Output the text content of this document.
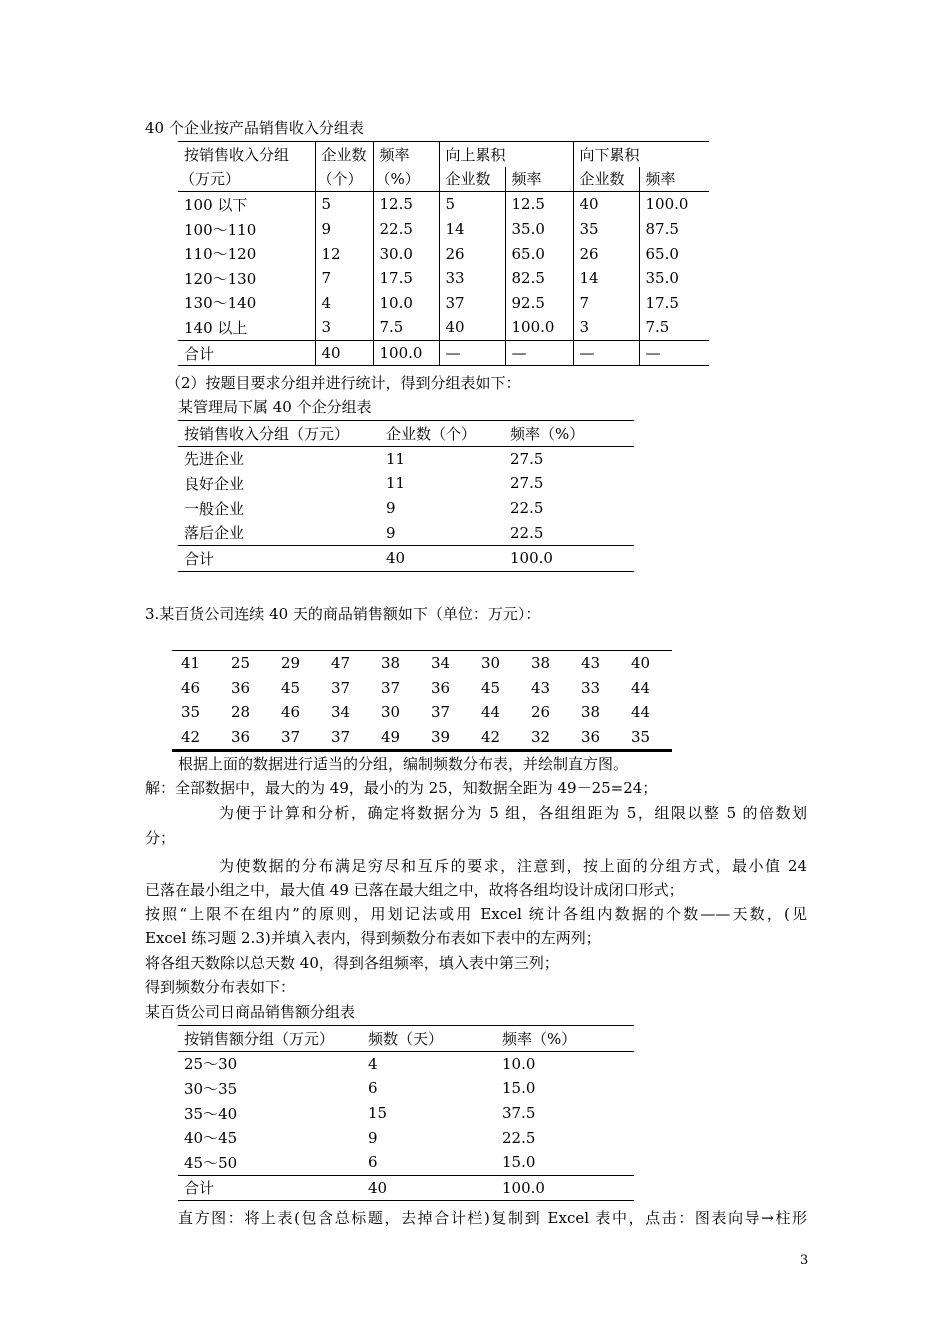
40 个企业按产品销售收入分组表
按销售收入分组	企业数	频率	向上累积		向下累积	
（万元）	（个）	（%）	企业数	频率	企业数	频率
100 以下	5	12.5	5	12.5	40	100.0
100～110	9	22.5	14	35.0	35	87.5
110～120	12	30.0	26	65.0	26	65.0
120～130	7	17.5	33	82.5	14	35.0
130～140	4	10.0	37	92.5	7	17.5
140 以上	3	7.5	40	100.0	3	7.5
合计	40	100.0	—	—	—	—
（2）按题目要求分组并进行统计，得到分组表如下：
某管理局下属 40 个企分组表
按销售收入分组（万元）	企业数（个）	频率（%）
先进企业	11	27.5
良好企业	11	27.5
一般企业	9	22.5
落后企业	9	22.5
合计	40	100.0
3.某百货公司连续 40 天的商品销售额如下（单位：万元）：
41	25	29	47	38	34	30	38	43	40
46	36	45	37	37	36	45	43	33	44
35	28	46	34	30	37	44	26	38	44
42	36	37	37	49	39	42	32	36	35
根据上面的数据进行适当的分组，编制频数分布表，并绘制直方图。
解：全部数据中，最大的为 49，最小的为 25，知数据全距为 49－25=24；
为便于计算和分析，确定将数据分为 5 组，各组组距为 5，组限以整 5 的倍数划
分；
为使数据的分布满足穷尽和互斥的要求，注意到，按上面的分组方式，最小值 24
已落在最小组之中，最大值 49 已落在最大组之中，故将各组均设计成闭口形式；
按照“上限不在组内”的原则，用划记法或用 Excel 统计各组内数据的个数——天数，(见
Excel 练习题 2.3)并填入表内，得到频数分布表如下表中的左两列；
将各组天数除以总天数 40，得到各组频率，填入表中第三列；
得到频数分布表如下：
某百货公司日商品销售额分组表
按销售额分组（万元）	频数（天）	频率（%）
25～30	4	10.0
30～35	6	15.0
35～40	15	37.5
40～45	9	22.5
45～50	6	15.0
合计	40	100.0
直方图：将上表(包含总标题，去掉合计栏)复制到 Excel 表中，点击：图表向导→柱形
3
